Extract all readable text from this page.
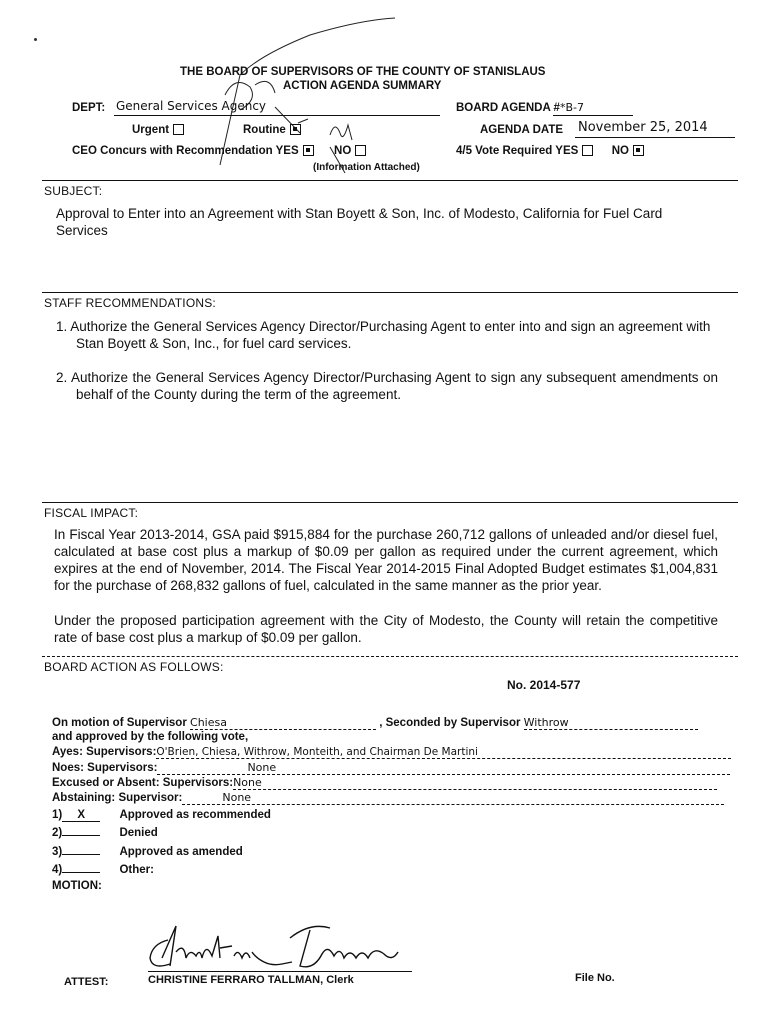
THE BOARD OF SUPERVISORS OF THE COUNTY OF STANISLAUS
ACTION AGENDA SUMMARY
DEPT: General Services Agency	BOARD AGENDA # *B-7
Urgent	Routine	AGENDA DATE November 25, 2014
CEO Concurs with Recommendation YES	NO
(Information Attached)
4/5 Vote Required YES	NO
SUBJECT:
Approval to Enter into an Agreement with Stan Boyett & Son, Inc. of Modesto, California for Fuel Card Services
STAFF RECOMMENDATIONS:
1. Authorize the General Services Agency Director/Purchasing Agent to enter into and sign an agreement with Stan Boyett & Son, Inc., for fuel card services.
2. Authorize the General Services Agency Director/Purchasing Agent to sign any subsequent amendments on behalf of the County during the term of the agreement.
FISCAL IMPACT:
In Fiscal Year 2013-2014, GSA paid $915,884 for the purchase 260,712 gallons of unleaded and/or diesel fuel, calculated at base cost plus a markup of $0.09 per gallon as required under the current agreement, which expires at the end of November, 2014. The Fiscal Year 2014-2015 Final Adopted Budget estimates $1,004,831 for the purchase of 268,832 gallons of fuel, calculated in the same manner as the prior year.
Under the proposed participation agreement with the City of Modesto, the County will retain the competitive rate of base cost plus a markup of $0.09 per gallon.
BOARD ACTION AS FOLLOWS:
No. 2014-577
On motion of Supervisor Chiesa	, Seconded by Supervisor Withrow
and approved by the following vote,
Ayes: Supervisors:O'Brien, Chiesa, Withrow, Monteith, and Chairman De Martini
Noes: Supervisors:	None
Excused or Absent: Supervisors:None
Abstaining: Supervisor:	None
1) X	Approved as recommended
2)	Denied
3)	Approved as amended
4)	Other:
MOTION:
ATTEST:	CHRISTINE FERRARO TALLMAN, Clerk	File No.
